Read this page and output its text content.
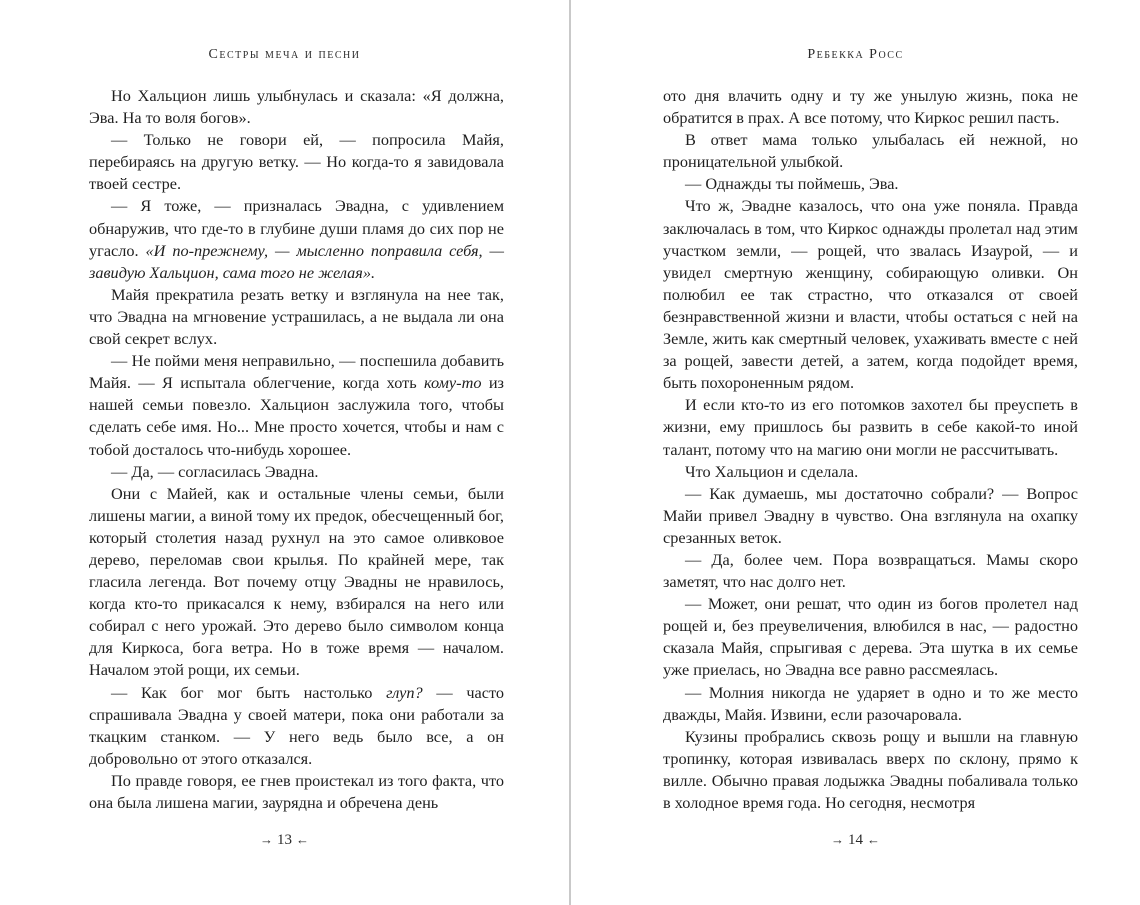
Сестры меча и песни

Но Хальцион лишь улыбнулась и сказала: «Я должна, Эва. На то воля богов».

— Только не говори ей, — попросила Майя, перебираясь на другую ветку. — Но когда-то я завидовала твоей сестре.

— Я тоже, — призналась Эвадна, с удивлением обнаружив, что где-то в глубине души пламя до сих пор не угасло. «И по-прежнему, — мысленно поправила себя, — завидую Хальцион, сама того не желая».

Майя прекратила резать ветку и взглянула на нее так, что Эвадна на мгновение устрашилась, а не выдала ли она свой секрет вслух.

— Не пойми меня неправильно, — поспешила добавить Майя. — Я испытала облегчение, когда хоть кому-то из нашей семьи повезло. Хальцион заслужила того, чтобы сделать себе имя. Но... Мне просто хочется, чтобы и нам с тобой досталось что-нибудь хорошее.

— Да, — согласилась Эвадна.

Они с Майей, как и остальные члены семьи, были лишены магии, а виной тому их предок, обесчещенный бог, который столетия назад рухнул на это самое оливковое дерево, переломав свои крылья. По крайней мере, так гласила легенда. Вот почему отцу Эвадны не нравилось, когда кто-то прикасался к нему, взбирался на него или собирал с него урожай. Это дерево было символом конца для Киркоса, бога ветра. Но в тоже время — началом. Началом этой рощи, их семьи.

— Как бог мог быть настолько глуп? — часто спрашивала Эвадна у своей матери, пока они работали за ткацким станком. — У него ведь было все, а он добровольно от этого отказался.

По правде говоря, ее гнев проистекал из того факта, что она была лишена магии, заурядна и обречена день

→ 13 ←
Ребекка Росс

ото дня влачить одну и ту же унылую жизнь, пока не обратится в прах. А все потому, что Киркос решил пасть.

В ответ мама только улыбалась ей нежной, но проницательной улыбкой.

— Однажды ты поймешь, Эва.

Что ж, Эвадне казалось, что она уже поняла. Правда заключалась в том, что Киркос однажды пролетал над этим участком земли, — рощей, что звалась Изаурой, — и увидел смертную женщину, собирающую оливки. Он полюбил ее так страстно, что отказался от своей безнравственной жизни и власти, чтобы остаться с ней на Земле, жить как смертный человек, ухаживать вместе с ней за рощей, завести детей, а затем, когда подойдет время, быть похороненным рядом.

И если кто-то из его потомков захотел бы преуспеть в жизни, ему пришлось бы развить в себе какой-то иной талант, потому что на магию они могли не рассчитывать.

Что Хальцион и сделала.

— Как думаешь, мы достаточно собрали? — Вопрос Майи привел Эвадну в чувство. Она взглянула на охапку срезанных веток.

— Да, более чем. Пора возвращаться. Мамы скоро заметят, что нас долго нет.

— Может, они решат, что один из богов пролетел над рощей и, без преувеличения, влюбился в нас, — радостно сказала Майя, спрыгивая с дерева. Эта шутка в их семье уже приелась, но Эвадна все равно рассмеялась.

— Молния никогда не ударяет в одно и то же место дважды, Майя. Извини, если разочаровала.

Кузины пробрались сквозь рощу и вышли на главную тропинку, которая извивалась вверх по склону, прямо к вилле. Обычно правая лодыжка Эвадны побаливала только в холодное время года. Но сегодня, несмотря

→ 14 ←
